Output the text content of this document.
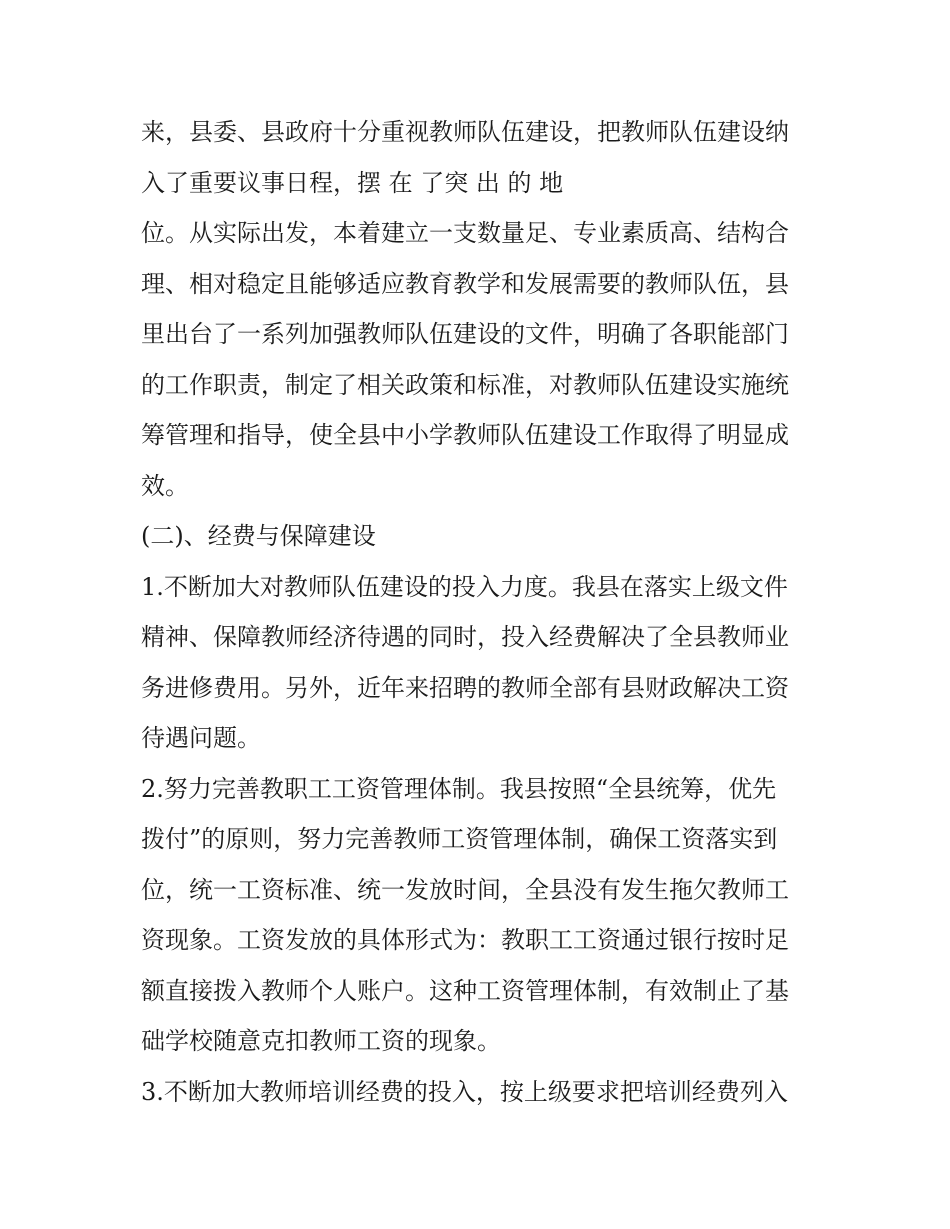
来，县委、县政府十分重视教师队伍建设，把教师队伍建设纳
入了重要议事日程，摆 在 了突 出 的 地
位。从实际出发，本着建立一支数量足、专业素质高、结构合
理、相对稳定且能够适应教育教学和发展需要的教师队伍，县
里出台了一系列加强教师队伍建设的文件，明确了各职能部门
的工作职责，制定了相关政策和标准，对教师队伍建设实施统
筹管理和指导，使全县中小学教师队伍建设工作取得了明显成
效。
(二)、经费与保障建设
1.不断加大对教师队伍建设的投入力度。我县在落实上级文件
精神、保障教师经济待遇的同时，投入经费解决了全县教师业
务进修费用。另外，近年来招聘的教师全部有县财政解决工资
待遇问题。
2.努力完善教职工工资管理体制。我县按照“全县统筹，优先
拨付”的原则，努力完善教师工资管理体制，确保工资落实到
位，统一工资标准、统一发放时间，全县没有发生拖欠教师工
资现象。工资发放的具体形式为：教职工工资通过银行按时足
额直接拨入教师个人账户。这种工资管理体制，有效制止了基
础学校随意克扣教师工资的现象。
3.不断加大教师培训经费的投入，按上级要求把培训经费列入
